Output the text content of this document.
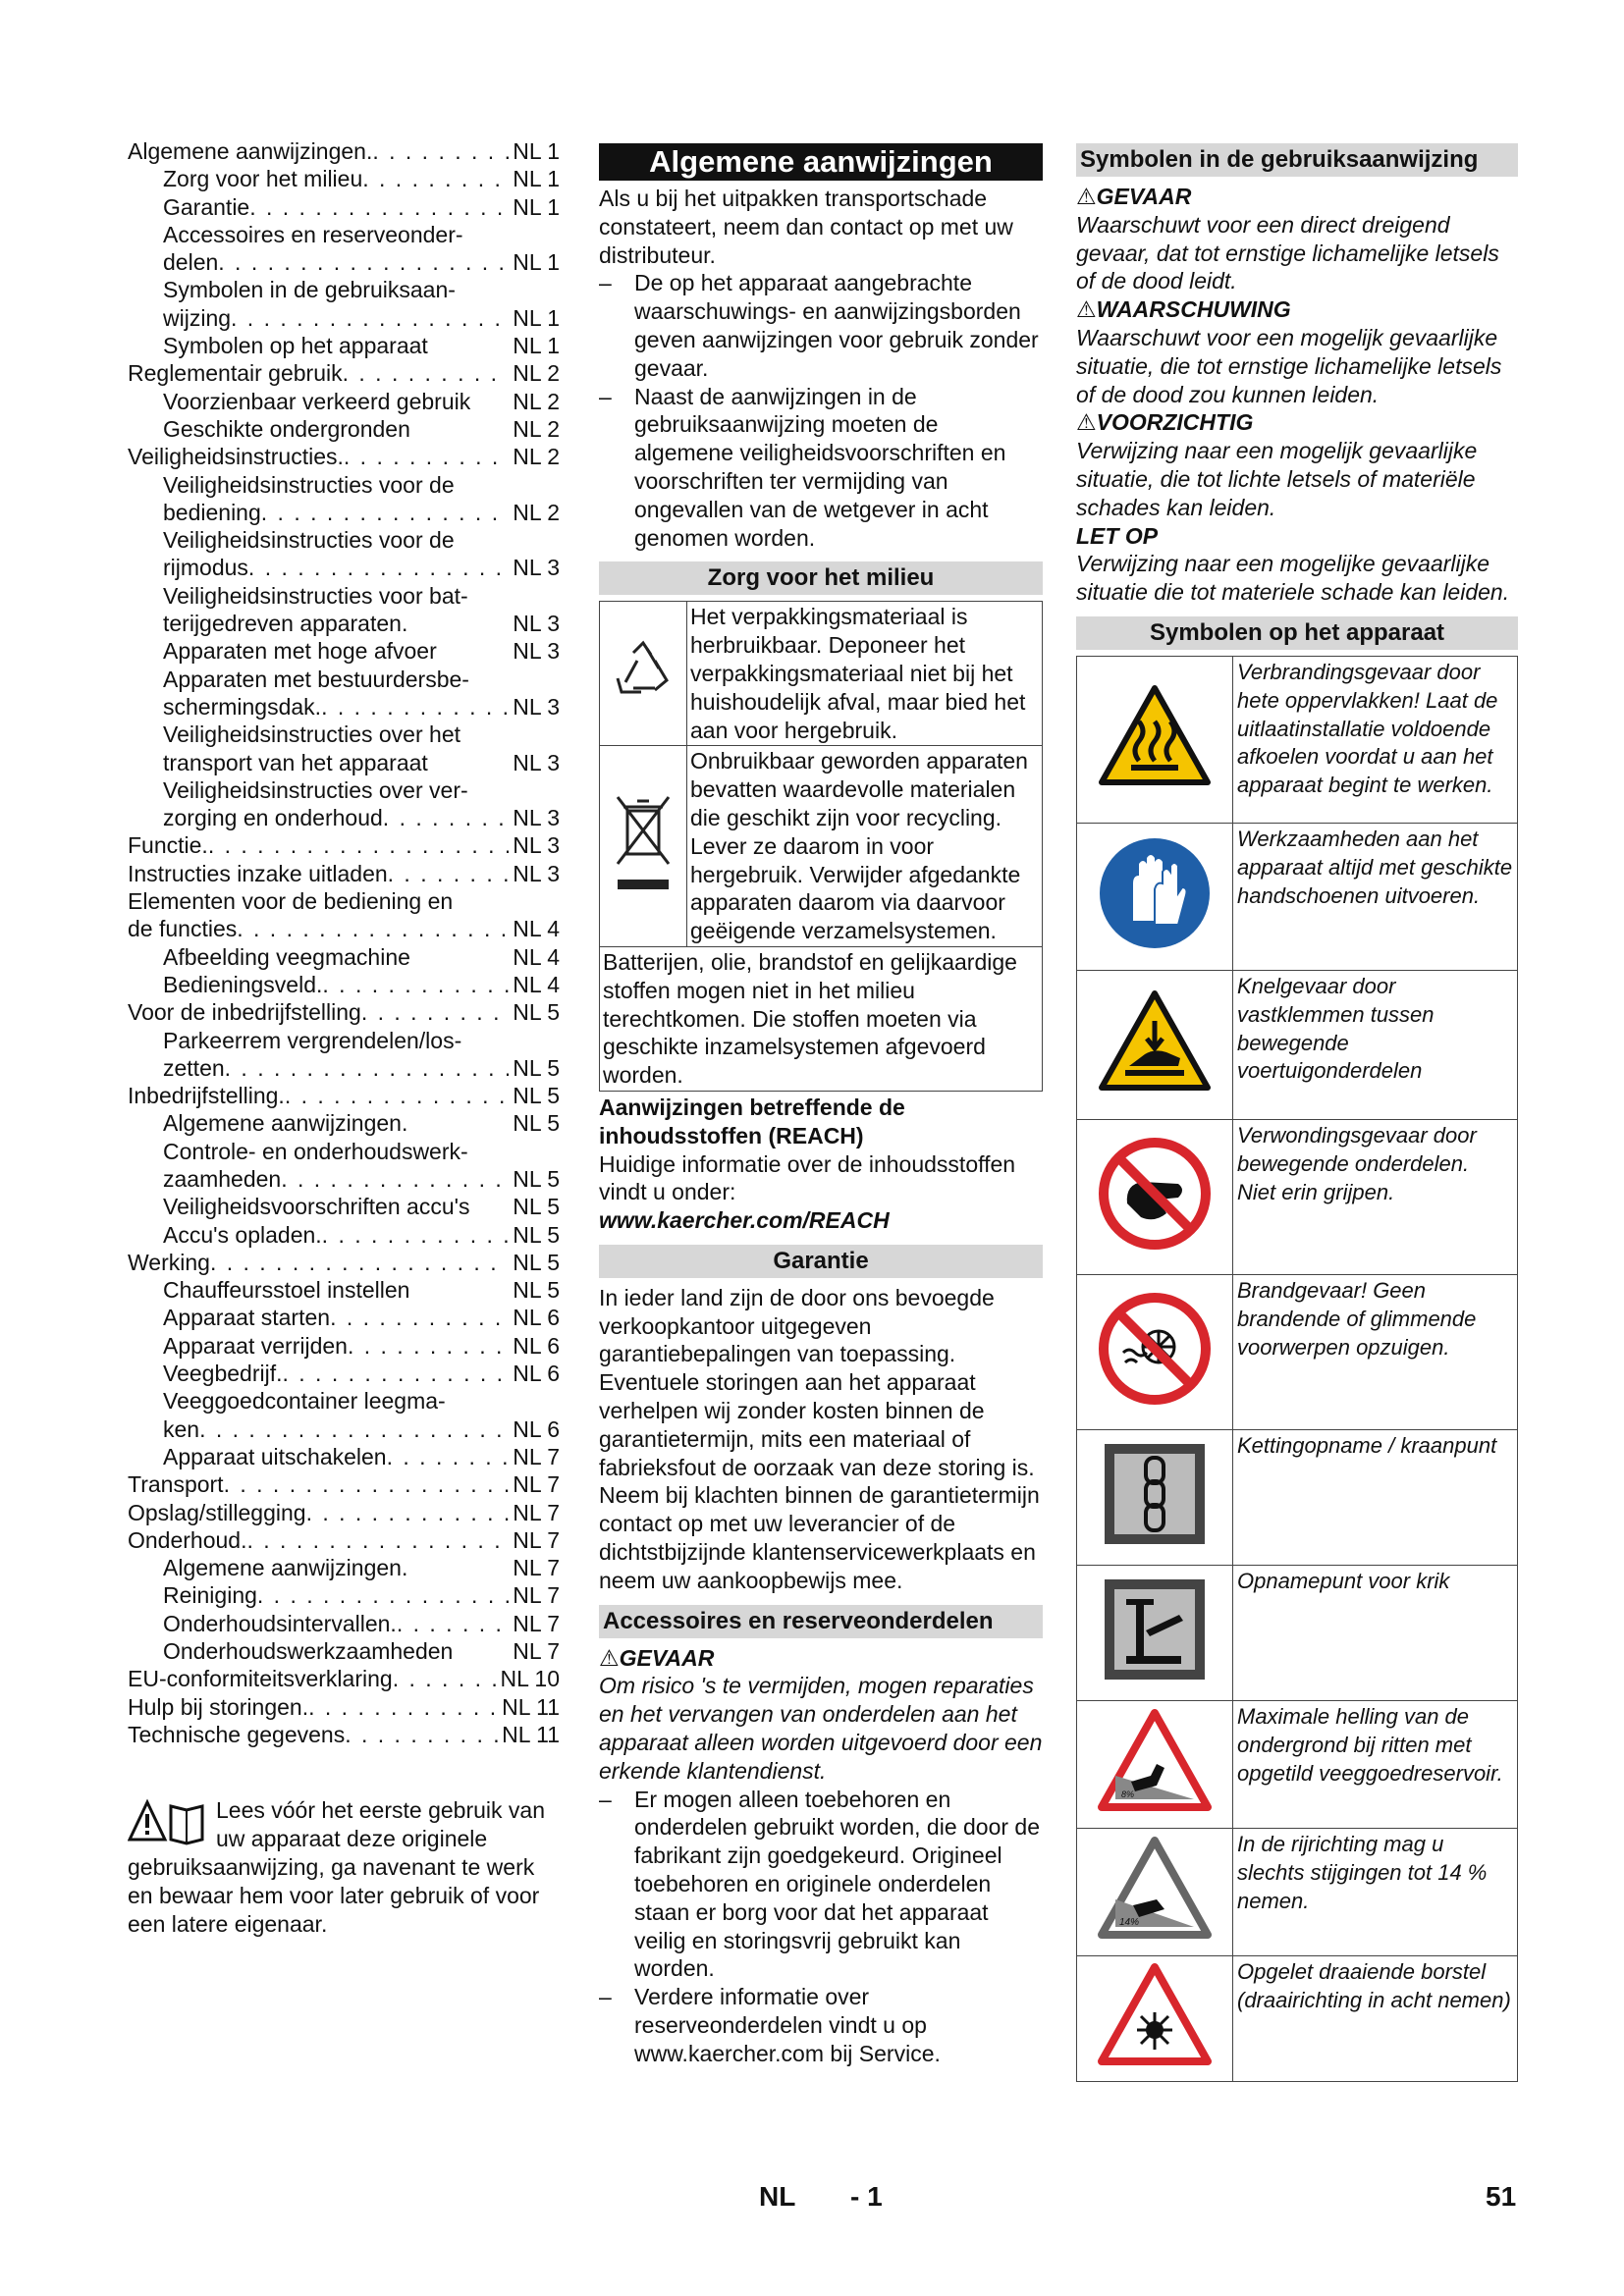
Algemene aanwijzingen. . . .	NL 1
Zorg voor het milieu . . .	NL 1
Garantie . . .	NL 1
Accessoires en reserveonder-
delen . . .	NL 1
Symbolen in de gebruiksaan-
wijzing . . .	NL 1
Symbolen op het apparaat	NL 1
Reglementair gebruik . . .	NL 2
Voorzienbaar verkeerd gebruik NL 2
Geschikte ondergronden	NL 2
Veiligheidsinstructies. . . .	NL 2
Veiligheidsinstructies voor de
bediening . . .	NL 2
Veiligheidsinstructies voor de
rijmodus . . .	NL 3
Veiligheidsinstructies voor bat-
terijgedreven apparaten.	NL 3
Apparaten met hoge afvoer	NL 3
Apparaten met bestuurdersbe-
schermingsdak. . . .	NL 3
Veiligheidsinstructies over het
transport van het apparaat	NL 3
Veiligheidsinstructies over ver-
zorging en onderhoud . . .	NL 3
Functie. . . .	NL 3
Instructies inzake uitladen . . .	NL 3
Elementen voor de bediening en
de functies . . .	NL 4
Afbeelding veegmachine	NL 4
Bedieningsveld. . . .	NL 4
Voor de inbedrijfstelling . . .	NL 5
Parkeerrem vergrendelen/los-
zetten . . .	NL 5
Inbedrijfstelling. . . .	NL 5
Algemene aanwijzingen.	NL 5
Controle- en onderhoudswerk-
zaamheden . . .	NL 5
Veiligheidsvoorschriften accu's NL 5
Accu's opladen. . . .	NL 5
Werking . . .	NL 5
Chauffeursstoel instellen	NL 5
Apparaat starten . . .	NL 6
Apparaat verrijden . . .	NL 6
Veegbedrijf. . . .	NL 6
Veeggoedcontainer leegma-
ken . . .	NL 6
Apparaat uitschakelen . . .	NL 7
Transport . . .	NL 7
Opslag/stillegging . . .	NL 7
Onderhoud. . . .	NL 7
Algemene aanwijzingen.	NL 7
Reiniging . . .	NL 7
Onderhoudsintervallen. . . .	NL 7
Onderhoudswerkzaamheden	NL 7
EU-conformiteitsverklaring . . .	NL 10
Hulp bij storingen. . . .	NL 11
Technische gegevens . . .	NL 11
Algemene aanwijzingen

Als u bij het uitpakken transportschade constateert, neem dan contact op met uw distributeur.

–	De op het apparaat aangebrachte waarschuwings- en aanwijzingsborden geven aanwijzingen voor gebruik zonder gevaar.
–	Naast de aanwijzingen in de gebruiksaanwijzing moeten de algemene veiligheidsvoorschriften en voorschriften ter vermijding van ongevallen van de wetgever in acht genomen worden.
Zorg voor het milieu
	Het verpakkingsmateriaal is herbruikbaar. Deponeer het verpakkingsmateriaal niet bij het huishoudelijk afval, maar bied het aan voor hergebruik.
	Onbruikbaar geworden apparaten bevatten waardevolle materialen die geschikt zijn voor recycling. Lever ze daarom in voor hergebruik. Verwijder afgedankte apparaten daarom via daarvoor geëigende verzamelsystemen.
Batterijen, olie, brandstof en gelijkaardige stoffen mogen niet in het milieu terechtkomen. Die stoffen moeten via geschikte inzamelsystemen afgevoerd worden.	

Aanwijzingen betreffende de inhoudsstoffen (REACH)

Huidige informatie over de inhoudsstoffen vindt u onder:

www.kaercher.com/REACH

Garantie

In ieder land zijn de door ons bevoegde verkoopkantoor uitgegeven garantiebepalingen van toepassing. Eventuele storingen aan het apparaat verhelpen wij zonder kosten binnen de garantietermijn, mits een materiaal of fabrieksfout de oorzaak van deze storing is. Neem bij klachten binnen de garantietermijn contact op met uw leverancier of de dichtstbijzijnde klantenservicewerkplaats en neem uw aankoopbewijs mee.

Accessoires en reserveonderdelen

⚠GEVAAR

Om risico 's te vermijden, mogen reparaties en het vervangen van onderdelen aan het apparaat alleen worden uitgevoerd door een erkende klantendienst.

–	Er mogen alleen toebehoren en onderdelen gebruikt worden, die door de fabrikant zijn goedgekeurd. Origineel toebehoren en originele onderdelen staan er borg voor dat het apparaat veilig en storingsvrij gebruikt kan worden.
–	Verdere informatie over reserveonderdelen vindt u op www.kaercher.com bij Service.
Symbolen in de gebruiksaanwijzing

⚠GEVAAR

Waarschuwt voor een direct dreigend gevaar, dat tot ernstige lichamelijke letsels of de dood leidt.

⚠WAARSCHUWING

Waarschuwt voor een mogelijk gevaarlijke situatie, die tot ernstige lichamelijke letsels of de dood zou kunnen leiden.

⚠VOORZICHTIG

Verwijzing naar een mogelijk gevaarlijke situatie, die tot lichte letsels of materiële schades kan leiden.

LET OP

Verwijzing naar een mogelijke gevaarlijke situatie die tot materiele schade kan leiden.

Symbolen op het apparaat
	Verbrandingsgevaar door hete oppervlakken! Laat de uitlaatinstallatie voldoende afkoelen voordat u aan het apparaat begint te werken.
	Werkzaamheden aan het apparaat altijd met geschikte handschoenen uitvoeren.
	Knelgevaar door vastklemmen tussen bewegende voertuigonderdelen
	Verwondingsgevaar door bewegende onderdelen. Niet erin grijpen.
	Brandgevaar! Geen brandende of glimmende voorwerpen opzuigen.
	Kettingopname / kraanpunt
	Opnamepunt voor krik

8%	Maximale helling van de ondergrond bij ritten met opgetild veeggoedreservoir.

14%	In de rijrichting mag u slechts stijgingen tot 14 % nemen.
	Opgelet draaiende borstel (draairichting in acht nemen)
Lees vóór het eerste gebruik van uw apparaat deze originele gebruiksaanwijzing, ga navenant te werk en bewaar hem voor later gebruik of voor een latere eigenaar.
NL - 1	51
